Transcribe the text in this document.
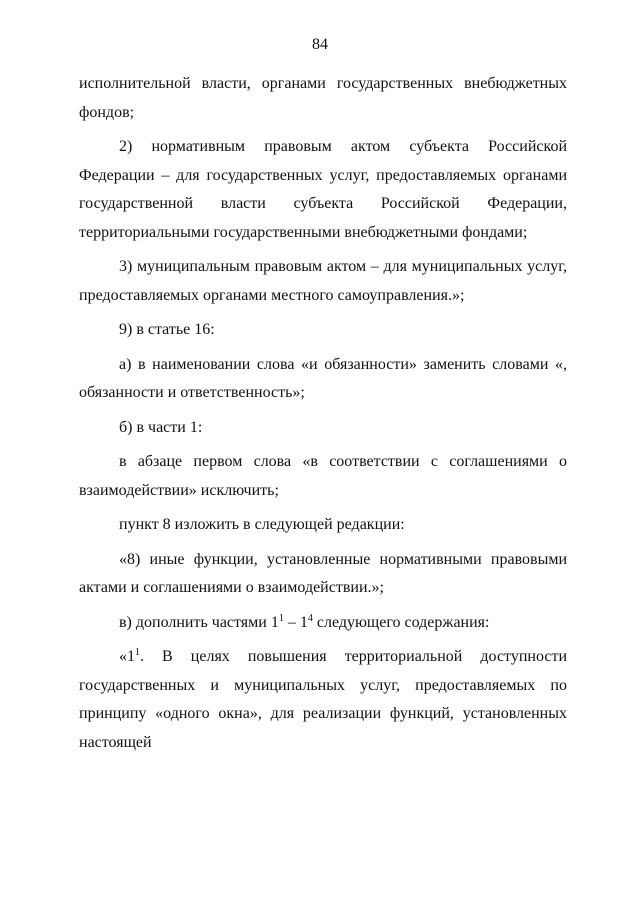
84

исполнительной власти, органами государственных внебюджетных фондов;

2) нормативным правовым актом субъекта Российской Федерации – для государственных услуг, предоставляемых органами государственной власти субъекта Российской Федерации, территориальными государственными внебюджетными фондами;

3) муниципальным правовым актом – для муниципальных услуг, предоставляемых органами местного самоуправления.»;

9) в статье 16:

а) в наименовании слова «и обязанности» заменить словами «, обязанности и ответственность»;

б) в части 1:

в абзаце первом слова «в соответствии с соглашениями о взаимодействии» исключить;

пункт 8 изложить в следующей редакции:

«8) иные функции, установленные нормативными правовыми актами и соглашениями о взаимодействии.»;

в) дополнить частями $1^1 - 1^4$ следующего содержания:

«$1^1$. В целях повышения территориальной доступности государственных и муниципальных услуг, предоставляемых по принципу «одного окна», для реализации функций, установленных настоящей
